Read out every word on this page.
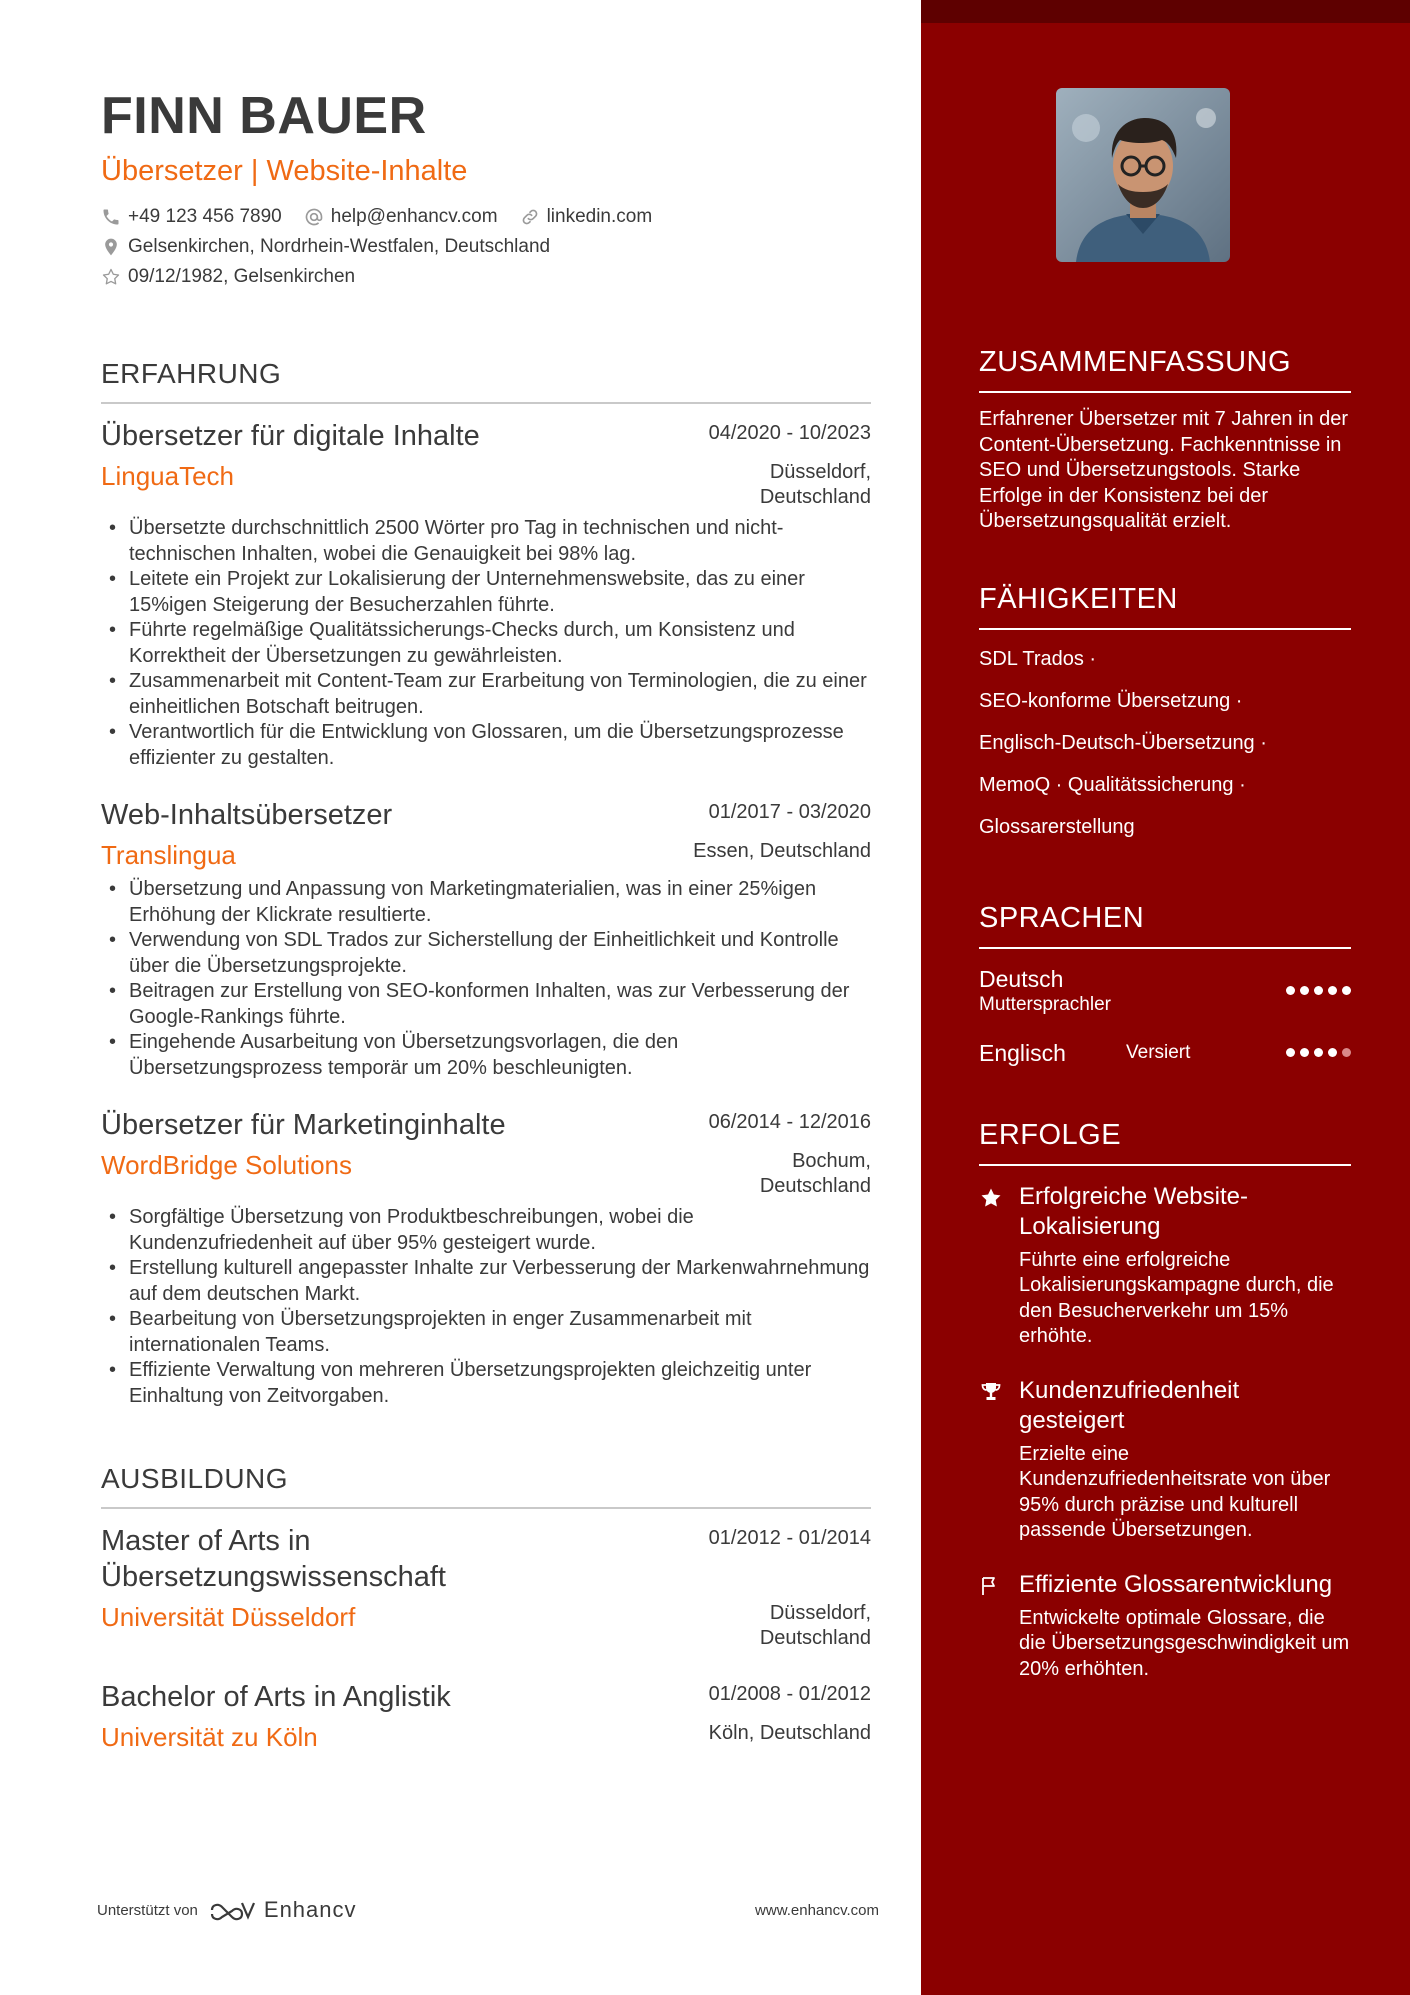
FINN BAUER
Übersetzer | Website-Inhalte
+49 123 456 7890	help@enhancv.com	linkedin.com
Gelsenkirchen, Nordrhein-Westfalen, Deutschland
09/12/1982, Gelsenkirchen
ERFAHRUNG
Übersetzer für digitale Inhalte	04/2020 - 10/2023
LinguaTech	Düsseldorf, Deutschland
• Übersetzte durchschnittlich 2500 Wörter pro Tag in technischen und nicht-technischen Inhalten, wobei die Genauigkeit bei 98% lag.
• Leitete ein Projekt zur Lokalisierung der Unternehmenswebsite, das zu einer 15%igen Steigerung der Besucherzahlen führte.
• Führte regelmäßige Qualitätssicherungs-Checks durch, um Konsistenz und Korrektheit der Übersetzungen zu gewährleisten.
• Zusammenarbeit mit Content-Team zur Erarbeitung von Terminologien, die zu einer einheitlichen Botschaft beitrugen.
• Verantwortlich für die Entwicklung von Glossaren, um die Übersetzungsprozesse effizienter zu gestalten.
Web-Inhaltsübersetzer	01/2017 - 03/2020
Translingua	Essen, Deutschland
• Übersetzung und Anpassung von Marketingmaterialien, was in einer 25%igen Erhöhung der Klickrate resultierte.
• Verwendung von SDL Trados zur Sicherstellung der Einheitlichkeit und Kontrolle über die Übersetzungsprojekte.
• Beitragen zur Erstellung von SEO-konformen Inhalten, was zur Verbesserung der Google-Rankings führte.
• Eingehende Ausarbeitung von Übersetzungsvorlagen, die den Übersetzungsprozess temporär um 20% beschleunigten.
Übersetzer für Marketinginhalte	06/2014 - 12/2016
WordBridge Solutions	Bochum, Deutschland
• Sorgfältige Übersetzung von Produktbeschreibungen, wobei die Kundenzufriedenheit auf über 95% gesteigert wurde.
• Erstellung kulturell angepasster Inhalte zur Verbesserung der Markenwahrnehmung auf dem deutschen Markt.
• Bearbeitung von Übersetzungsprojekten in enger Zusammenarbeit mit internationalen Teams.
• Effiziente Verwaltung von mehreren Übersetzungsprojekten gleichzeitig unter Einhaltung von Zeitvorgaben.
AUSBILDUNG
Master of Arts in Übersetzungswissenschaft
01/2012 - 01/2014
Universität Düsseldorf	Düsseldorf, Deutschland
Bachelor of Arts in Anglistik	01/2008 - 01/2012
Universität zu Köln	Köln, Deutschland
Unterstützt von	Enhancv	www.enhancv.com
ZUSAMMENFASSUNG
Erfahrener Übersetzer mit 7 Jahren in der Content-Übersetzung. Fachkenntnisse in SEO und Übersetzungstools. Starke Erfolge in der Konsistenz bei der Übersetzungsqualität erzielt.
FÄHIGKEITEN
SDL Trados ·
SEO-konforme Übersetzung ·
Englisch-Deutsch-Übersetzung ·
MemoQ · Qualitätssicherung ·
Glossarerstellung
SPRACHEN
Deutsch
Muttersprachler
Englisch	Versiert
ERFOLGE
Erfolgreiche Website-Lokalisierung
Führte eine erfolgreiche Lokalisierungskampagne durch, die den Besucherverkehr um 15% erhöhte.
Kundenzufriedenheit gesteigert
Erzielte eine Kundenzufriedenheitsrate von über 95% durch präzise und kulturell passende Übersetzungen.
Effiziente Glossarentwicklung
Entwickelte optimale Glossare, die die Übersetzungsgeschwindigkeit um 20% erhöhten.
